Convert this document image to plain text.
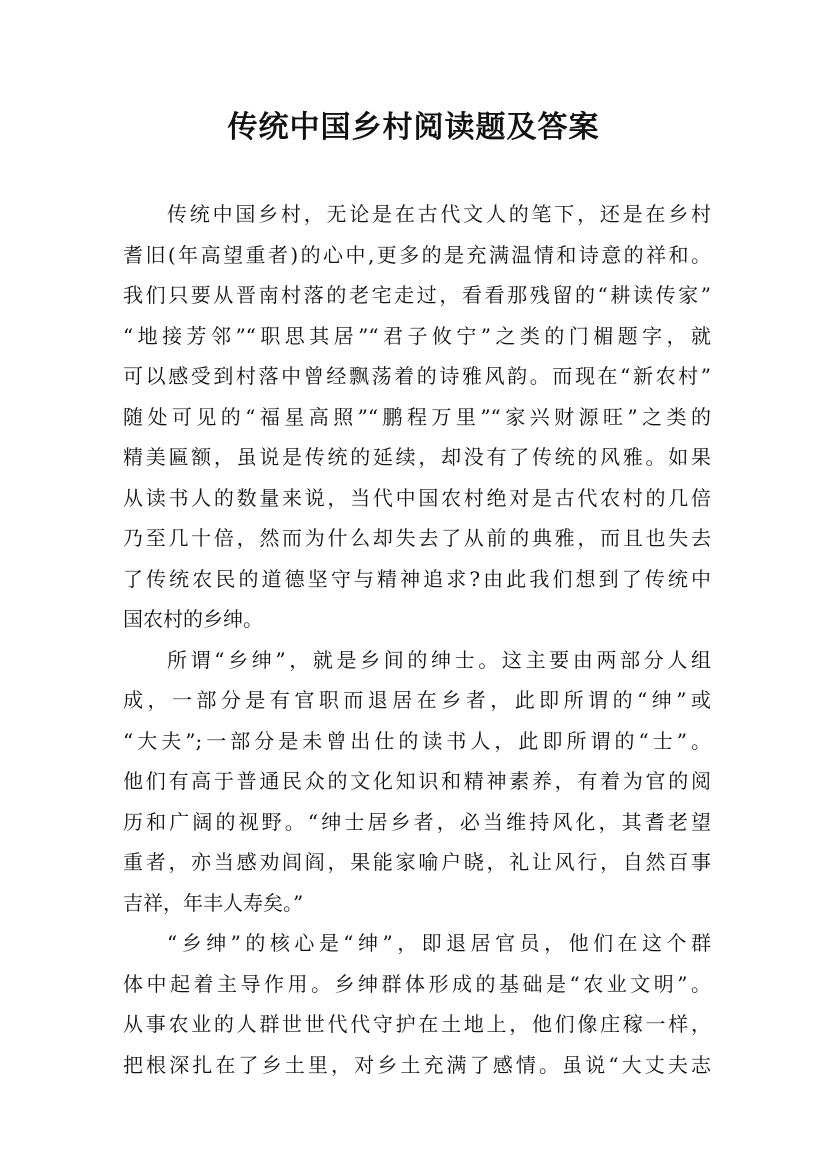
传统中国乡村阅读题及答案
传统中国乡村，无论是在古代文人的笔下，还是在乡村
耆旧(年高望重者)的心中,更多的是充满温情和诗意的祥和。
我们只要从晋南村落的老宅走过，看看那残留的“耕读传家”
“地接芳邻”“职思其居”“君子攸宁”之类的门楣题字，就
可以感受到村落中曾经飘荡着的诗雅风韵。而现在“新农村”
随处可见的“福星高照”“鹏程万里”“家兴财源旺”之类的
精美匾额，虽说是传统的延续，却没有了传统的风雅。如果
从读书人的数量来说，当代中国农村绝对是古代农村的几倍
乃至几十倍，然而为什么却失去了从前的典雅，而且也失去
了传统农民的道德坚守与精神追求?由此我们想到了传统中
国农村的乡绅。
所谓“乡绅”，就是乡间的绅士。这主要由两部分人组
成，一部分是有官职而退居在乡者，此即所谓的“绅”或
“大夫”;一部分是未曾出仕的读书人，此即所谓的“士”。
他们有高于普通民众的文化知识和精神素养，有着为官的阅
历和广阔的视野。“绅士居乡者，必当维持风化，其耆老望
重者，亦当感劝闾阎，果能家喻户晓，礼让风行，自然百事
吉祥，年丰人寿矣。”
“乡绅”的核心是“绅”，即退居官员，他们在这个群
体中起着主导作用。乡绅群体形成的基础是“农业文明”。
从事农业的人群世世代代守护在土地上，他们像庄稼一样，
把根深扎在了乡土里，对乡土充满了感情。虽说“大丈夫志
